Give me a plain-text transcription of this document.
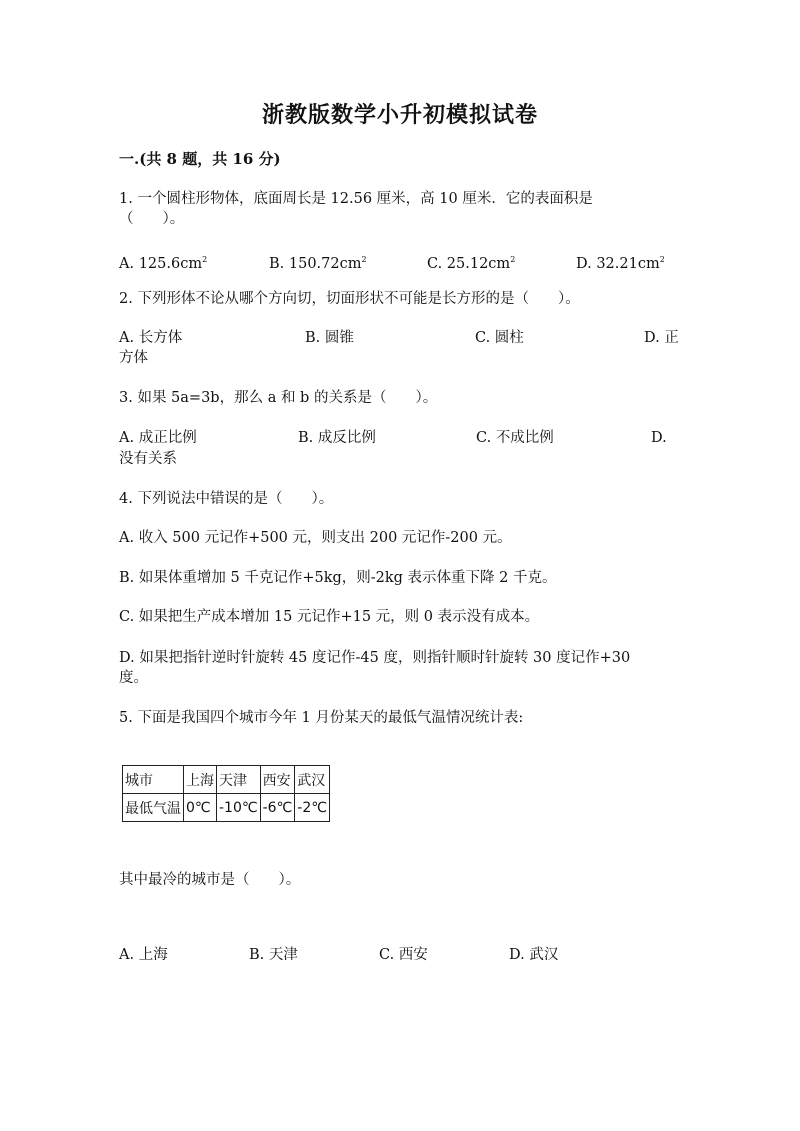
浙教版数学小升初模拟试卷
一.(共 8 题，共 16 分)
1. 一个圆柱形物体，底面周长是 12.56 厘米，高 10 厘米．它的表面积是
（　　）。
A. $125.6cm^2$	B. $150.72cm^2$	C. $25.12cm^2$	D. $32.21cm^2$
2. 下列形体不论从哪个方向切，切面形状不可能是长方形的是（　　）。
A. 长方体	B. 圆锥	C. 圆柱	D. 正
方体
3. 如果 5a=3b，那么 a 和 b 的关系是（　　）。
A. 成正比例	B. 成反比例	C. 不成比例	D.
没有关系
4. 下列说法中错误的是（　　）。
A. 收入 500 元记作+500 元，则支出 200 元记作-200 元。
B. 如果体重增加 5 千克记作+5kg，则-2kg 表示体重下降 2 千克。
C. 如果把生产成本增加 15 元记作+15 元，则 0 表示没有成本。
D. 如果把指针逆时针旋转 45 度记作-45 度，则指针顺时针旋转 30 度记作+30
度。
5. 下面是我国四个城市今年 1 月份某天的最低气温情况统计表:
城市	上海	天津	西安	武汉
最低气温	0℃	-10℃	-6℃	-2℃
其中最冷的城市是（　　）。
A. 上海	B. 天津	C. 西安	D. 武汉
